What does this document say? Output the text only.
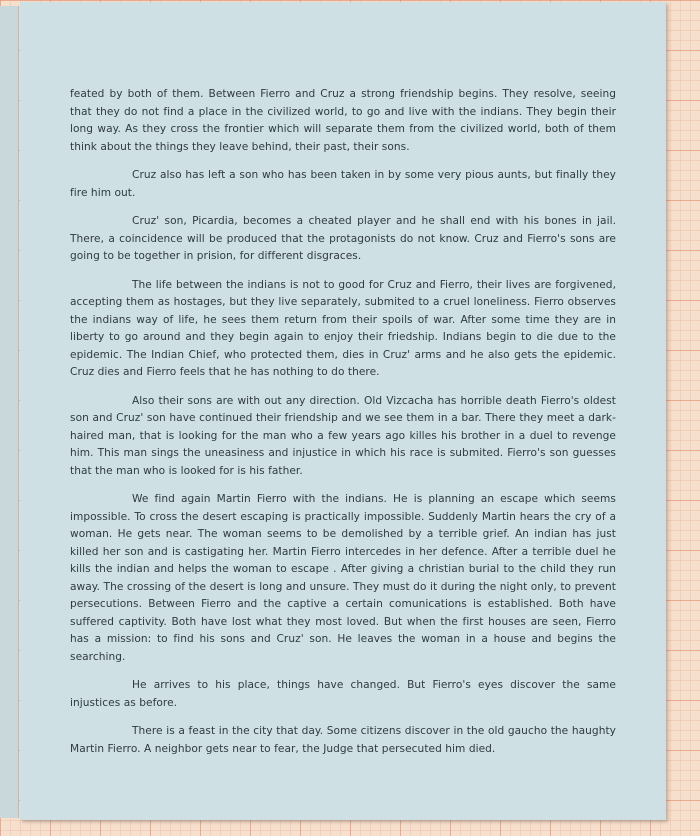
feated by both of them. Between Fierro and Cruz a strong friendship begins. They resolve, seeing that they do not find a place in the civilized world, to go and live with the indians. They begin their long way. As they cross the frontier which will separate them from the civilized world, both of them think about the things they leave behind, their past, their sons.

Cruz also has left a son who has been taken in by some very pious aunts, but finally they fire him out.

Cruz' son, Picardia, becomes a cheated player and he shall end with his bones in jail. There, a coincidence will be produced that the protagonists do not know. Cruz and Fierro's sons are going to be together in prision, for different disgraces.

The life between the indians is not to good for Cruz and Fierro, their lives are forgivened, accepting them as hostages, but they live separately, submited to a cruel loneliness. Fierro observes the indians way of life, he sees them return from their spoils of war. After some time they are in liberty to go around and they begin again to enjoy their friedship. Indians begin to die due to the epidemic. The Indian Chief, who protected them, dies in Cruz' arms and he also gets the epidemic. Cruz dies and Fierro feels that he has nothing to do there.

Also their sons are with out any direction. Old Vizcacha has horrible death Fierro's oldest son and Cruz' son have continued their friendship and we see them in a bar. There they meet a dark-haired man, that is looking for the man who a few years ago killes his brother in a duel to revenge him. This man sings the uneasiness and injustice in which his race is submited. Fierro's son guesses that the man who is looked for is his father.

We find again Martin Fierro with the indians. He is planning an escape which seems impossible. To cross the desert escaping is practically impossible. Suddenly Martin hears the cry of a woman. He gets near. The woman seems to be demolished by a terrible grief. An indian has just killed her son and is castigating her. Martin Fierro intercedes in her defence. After a terrible duel he kills the indian and helps the woman to escape . After giving a christian burial to the child they run away. The crossing of the desert is long and unsure. They must do it during the night only, to prevent persecutions. Between Fierro and the captive a certain comunications is established. Both have suffered captivity. Both have lost what they most loved. But when the first houses are seen, Fierro has a mission: to find his sons and Cruz' son. He leaves the woman in a house and begins the searching.

He arrives to his place, things have changed. But Fierro's eyes discover the same injustices as before.

There is a feast in the city that day. Some citizens discover in the old gaucho the haughty Martin Fierro. A neighbor gets near to fear, the Judge that persecuted him died.
